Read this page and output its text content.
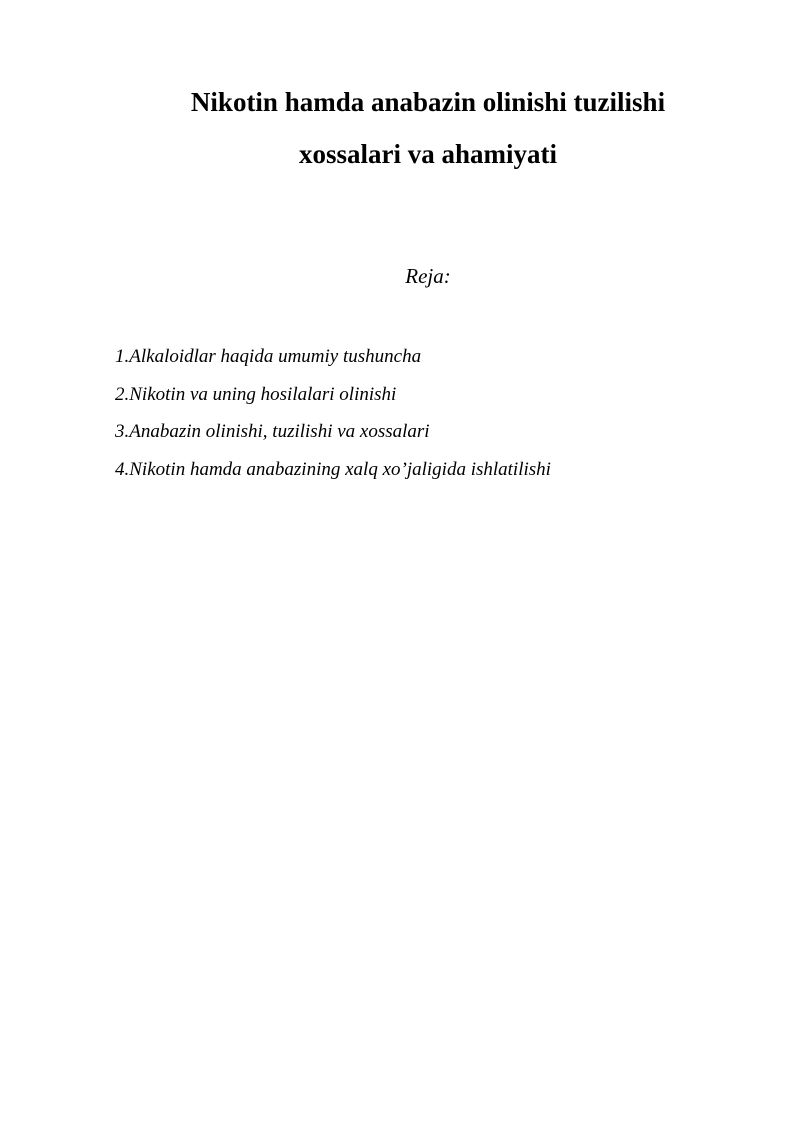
Nikotin hamda anabazin olinishi tuzilishi
xossalari va ahamiyati
Reja:
1.Alkaloidlar haqida umumiy tushuncha
2.Nikotin va uning hosilalari olinishi
3.Anabazin olinishi, tuzilishi va xossalari
4.Nikotin hamda anabazining xalq xo’jaligida ishlatilishi
